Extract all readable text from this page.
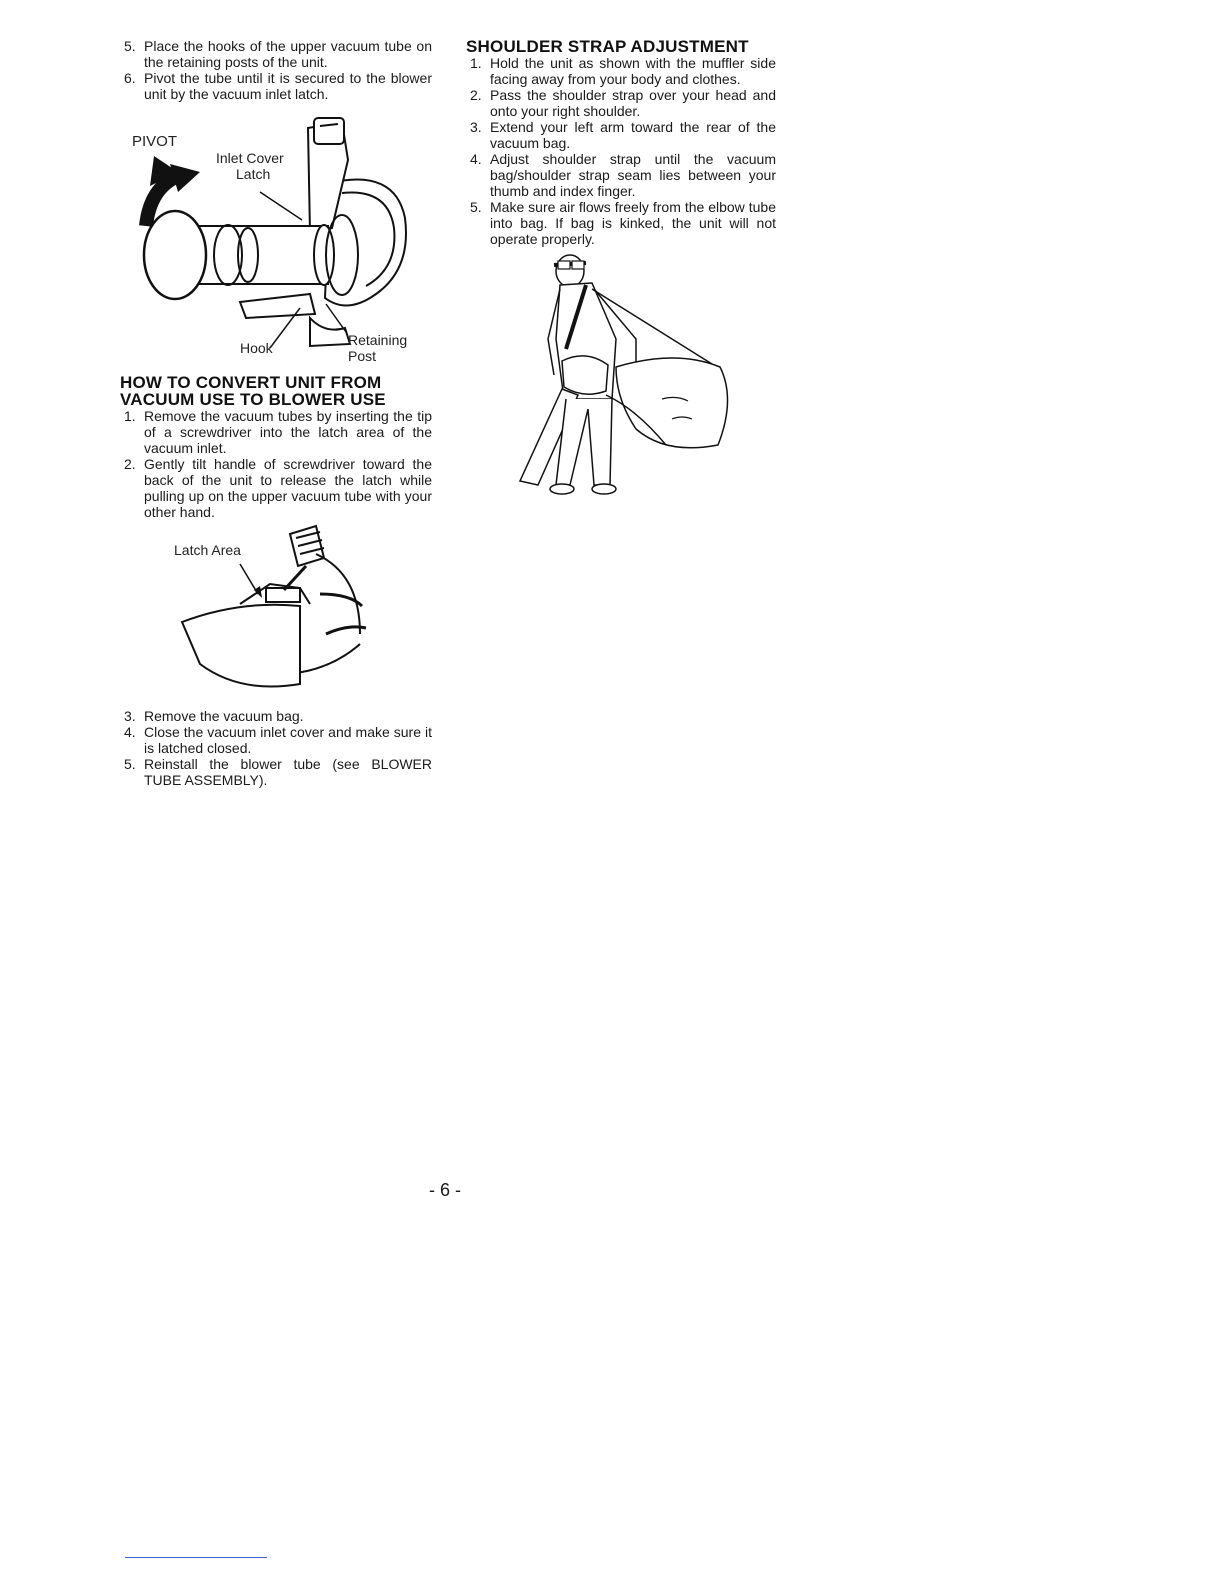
5. Place the hooks of the upper vacuum tube on the retaining posts of the unit.
6. Pivot the tube until it is secured to the blower unit by the vacuum inlet latch.
PIVOT
Inlet Cover
Latch
Hook	Retaining
Post
HOW TO CONVERT UNIT FROM
VACUUM USE TO BLOWER USE
1. Remove the vacuum tubes by inserting the tip of a screwdriver into the latch area of the vacuum inlet.
2. Gently tilt handle of screwdriver toward the back of the unit to release the latch while pulling up on the upper vacuum tube with your other hand.
Latch Area
3. Remove the vacuum bag.
4. Close the vacuum inlet cover and make sure it is latched closed.
5. Reinstall the blower tube (see BLOWER TUBE ASSEMBLY).
SHOULDER STRAP ADJUSTMENT
1. Hold the unit as shown with the muffler side facing away from your body and clothes.
2. Pass the shoulder strap over your head and onto your right shoulder.
3. Extend your left arm toward the rear of the vacuum bag.
4. Adjust shoulder strap until the vacuum bag/shoulder strap seam lies between your thumb and index finger.
5. Make sure air flows freely from the elbow tube into bag. If bag is kinked, the unit will not operate properly.
- 6 -
